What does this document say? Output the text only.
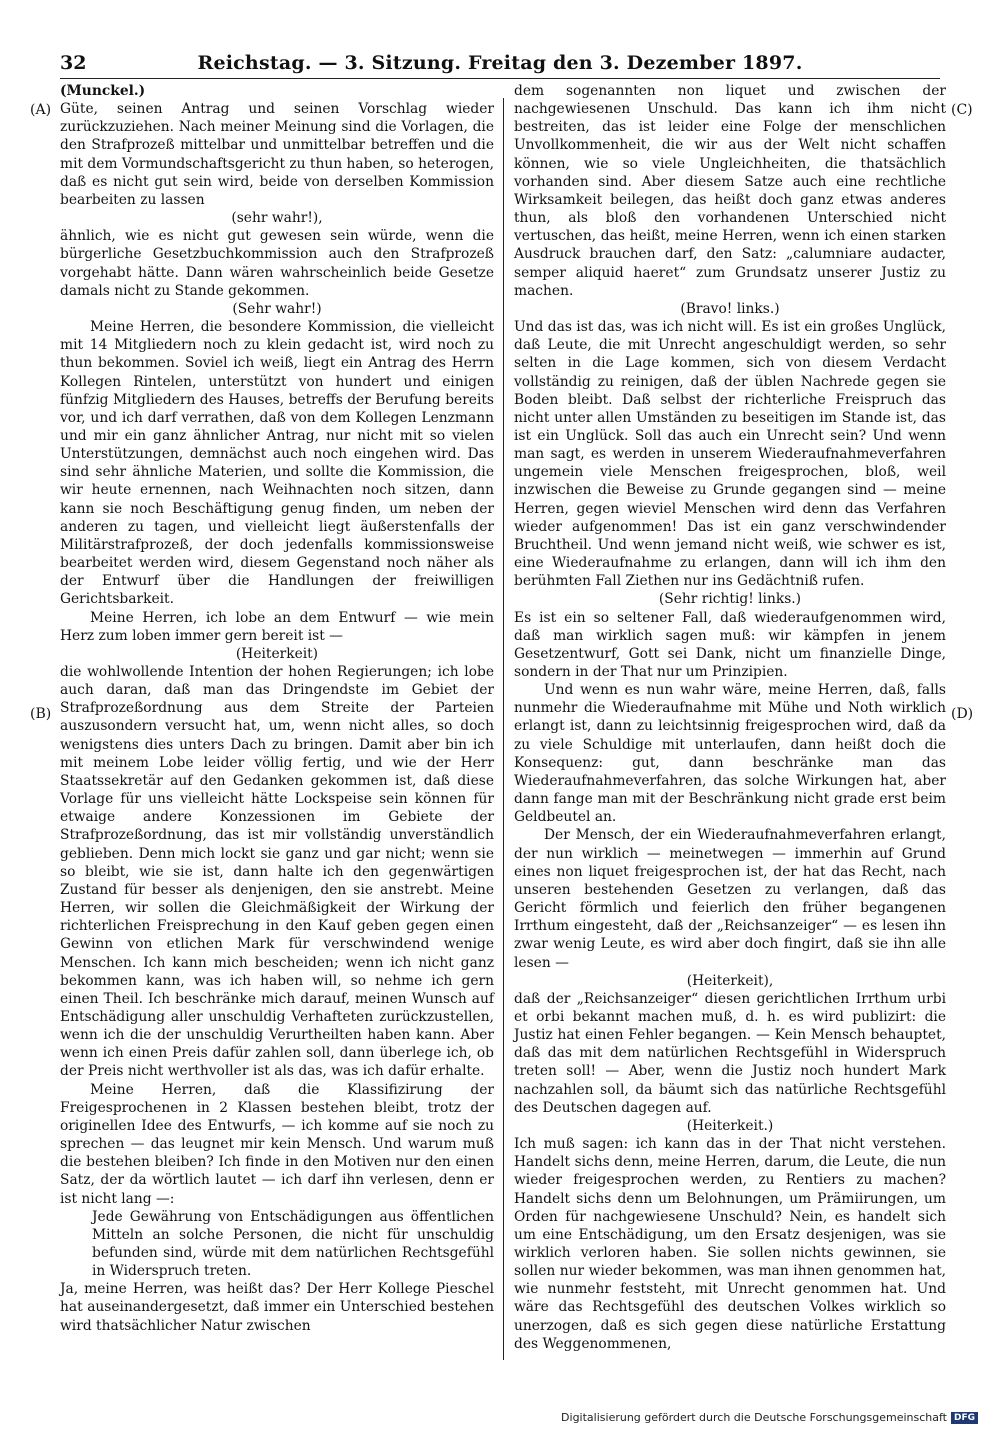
32	Reichstag. — 3. Sitzung. Freitag den 3. Dezember 1897.
(A)
(B)
(C)
(D)

(Munckel.)

Güte, seinen Antrag und seinen Vorschlag wieder zurückzuziehen. Nach meiner Meinung sind die Vorlagen, die den Strafprozeß mittelbar und unmittelbar betreffen und die mit dem Vormundschaftsgericht zu thun haben, so heterogen, daß es nicht gut sein wird, beide von derselben Kommission bearbeiten zu lassen

(sehr wahr!),

ähnlich, wie es nicht gut gewesen sein würde, wenn die bürgerliche Gesetzbuchkommission auch den Strafprozeß vorgehabt hätte. Dann wären wahrscheinlich beide Gesetze damals nicht zu Stande gekommen.

(Sehr wahr!)

Meine Herren, die besondere Kommission, die vielleicht mit 14 Mitgliedern noch zu klein gedacht ist, wird noch zu thun bekommen. Soviel ich weiß, liegt ein Antrag des Herrn Kollegen Rintelen, unterstützt von hundert und einigen fünfzig Mitgliedern des Hauses, betreffs der Berufung bereits vor, und ich darf verrathen, daß von dem Kollegen Lenzmann und mir ein ganz ähnlicher Antrag, nur nicht mit so vielen Unterstützungen, demnächst auch noch eingehen wird. Das sind sehr ähnliche Materien, und sollte die Kommission, die wir heute ernennen, nach Weihnachten noch sitzen, dann kann sie noch Beschäftigung genug finden, um neben der anderen zu tagen, und vielleicht liegt äußerstenfalls der Militärstrafprozeß, der doch jedenfalls kommissionsweise bearbeitet werden wird, diesem Gegenstand noch näher als der Entwurf über die Handlungen der freiwilligen Gerichtsbarkeit.

Meine Herren, ich lobe an dem Entwurf — wie mein Herz zum loben immer gern bereit ist —

(Heiterkeit)

die wohlwollende Intention der hohen Regierungen; ich lobe auch daran, daß man das Dringendste im Gebiet der Strafprozeßordnung aus dem Streite der Parteien auszusondern versucht hat, um, wenn nicht alles, so doch wenigstens dies unters Dach zu bringen. Damit aber bin ich mit meinem Lobe leider völlig fertig, und wie der Herr Staatssekretär auf den Gedanken gekommen ist, daß diese Vorlage für uns vielleicht hätte Lockspeise sein können für etwaige andere Konzessionen im Gebiete der Strafprozeßordnung, das ist mir vollständig unverständlich geblieben. Denn mich lockt sie ganz und gar nicht; wenn sie so bleibt, wie sie ist, dann halte ich den gegenwärtigen Zustand für besser als denjenigen, den sie anstrebt. Meine Herren, wir sollen die Gleichmäßigkeit der Wirkung der richterlichen Freisprechung in den Kauf geben gegen einen Gewinn von etlichen Mark für verschwindend wenige Menschen. Ich kann mich bescheiden; wenn ich nicht ganz bekommen kann, was ich haben will, so nehme ich gern einen Theil. Ich beschränke mich darauf, meinen Wunsch auf Entschädigung aller unschuldig Verhafteten zurückzustellen, wenn ich die der unschuldig Verurtheilten haben kann. Aber wenn ich einen Preis dafür zahlen soll, dann überlege ich, ob der Preis nicht werthvoller ist als das, was ich dafür erhalte.

Meine Herren, daß die Klassifizirung der Freigesprochenen in 2 Klassen bestehen bleibt, trotz der originellen Idee des Entwurfs, — ich komme auf sie noch zu sprechen — das leugnet mir kein Mensch. Und warum muß die bestehen bleiben? Ich finde in den Motiven nur den einen Satz, der da wörtlich lautet — ich darf ihn verlesen, denn er ist nicht lang —:

Jede Gewährung von Entschädigungen aus öffentlichen Mitteln an solche Personen, die nicht für unschuldig befunden sind, würde mit dem natürlichen Rechtsgefühl in Widerspruch treten.

Ja, meine Herren, was heißt das? Der Herr Kollege Pieschel hat auseinandergesetzt, daß immer ein Unterschied bestehen wird thatsächlicher Natur zwischen

dem sogenannten non liquet und zwischen der nachgewiesenen Unschuld. Das kann ich ihm nicht bestreiten, das ist leider eine Folge der menschlichen Unvollkommenheit, die wir aus der Welt nicht schaffen können, wie so viele Ungleichheiten, die thatsächlich vorhanden sind. Aber diesem Satze auch eine rechtliche Wirksamkeit beilegen, das heißt doch ganz etwas anderes thun, als bloß den vorhandenen Unterschied nicht vertuschen, das heißt, meine Herren, wenn ich einen starken Ausdruck brauchen darf, den Satz: „calumniare audacter, semper aliquid haeret“ zum Grundsatz unserer Justiz zu machen.

(Bravo! links.)

Und das ist das, was ich nicht will. Es ist ein großes Unglück, daß Leute, die mit Unrecht angeschuldigt werden, so sehr selten in die Lage kommen, sich von diesem Verdacht vollständig zu reinigen, daß der üblen Nachrede gegen sie Boden bleibt. Daß selbst der richterliche Freispruch das nicht unter allen Umständen zu beseitigen im Stande ist, das ist ein Unglück. Soll das auch ein Unrecht sein? Und wenn man sagt, es werden in unserem Wiederaufnahmeverfahren ungemein viele Menschen freigesprochen, bloß, weil inzwischen die Beweise zu Grunde gegangen sind — meine Herren, gegen wieviel Menschen wird denn das Verfahren wieder aufgenommen! Das ist ein ganz verschwindender Bruchtheil. Und wenn jemand nicht weiß, wie schwer es ist, eine Wiederaufnahme zu erlangen, dann will ich ihm den berühmten Fall Ziethen nur ins Gedächtniß rufen.

(Sehr richtig! links.)

Es ist ein so seltener Fall, daß wiederaufgenommen wird, daß man wirklich sagen muß: wir kämpfen in jenem Gesetzentwurf, Gott sei Dank, nicht um finanzielle Dinge, sondern in der That nur um Prinzipien.

Und wenn es nun wahr wäre, meine Herren, daß, falls nunmehr die Wiederaufnahme mit Mühe und Noth wirklich erlangt ist, dann zu leichtsinnig freigesprochen wird, daß da zu viele Schuldige mit unterlaufen, dann heißt doch die Konsequenz: gut, dann beschränke man das Wiederaufnahmeverfahren, das solche Wirkungen hat, aber dann fange man mit der Beschränkung nicht grade erst beim Geldbeutel an.

Der Mensch, der ein Wiederaufnahmeverfahren erlangt, der nun wirklich — meinetwegen — immerhin auf Grund eines non liquet freigesprochen ist, der hat das Recht, nach unseren bestehenden Gesetzen zu verlangen, daß das Gericht förmlich und feierlich den früher begangenen Irrthum eingesteht, daß der „Reichsanzeiger“ — es lesen ihn zwar wenig Leute, es wird aber doch fingirt, daß sie ihn alle lesen —

(Heiterkeit),

daß der „Reichsanzeiger“ diesen gerichtlichen Irrthum urbi et orbi bekannt machen muß, d. h. es wird publizirt: die Justiz hat einen Fehler begangen. — Kein Mensch behauptet, daß das mit dem natürlichen Rechtsgefühl in Widerspruch treten soll! — Aber, wenn die Justiz noch hundert Mark nachzahlen soll, da bäumt sich das natürliche Rechtsgefühl des Deutschen dagegen auf.

(Heiterkeit.)

Ich muß sagen: ich kann das in der That nicht verstehen. Handelt sichs denn, meine Herren, darum, die Leute, die nun wieder freigesprochen werden, zu Rentiers zu machen? Handelt sichs denn um Belohnungen, um Prämiirungen, um Orden für nachgewiesene Unschuld? Nein, es handelt sich um eine Entschädigung, um den Ersatz desjenigen, was sie wirklich verloren haben. Sie sollen nichts gewinnen, sie sollen nur wieder bekommen, was man ihnen genommen hat, wie nunmehr feststeht, mit Unrecht genommen hat. Und wäre das Rechtsgefühl des deutschen Volkes wirklich so unerzogen, daß es sich gegen diese natürliche Erstattung des Weggenommenen,

Digitalisierung gefördert durch die Deutsche Forschungsgemeinschaft DFG
